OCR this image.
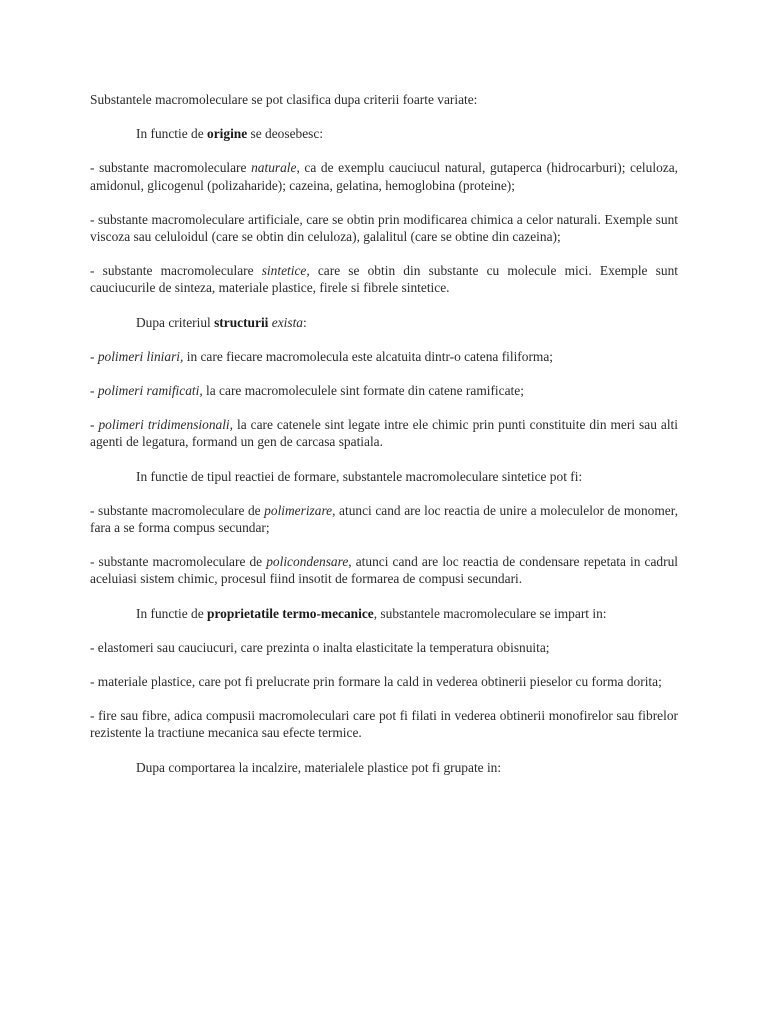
Substantele macromoleculare se pot clasifica dupa criterii foarte variate:

In functie de origine se deosebesc:

- substante macromoleculare naturale, ca de exemplu cauciucul natural, gutaperca (hidrocarburi); celuloza, amidonul, glicogenul (polizaharide); cazeina, gelatina, hemoglobina (proteine);

- substante macromoleculare artificiale, care se obtin prin modificarea chimica a celor naturali. Exemple sunt viscoza sau celuloidul (care se obtin din celuloza), galalitul (care se obtine din cazeina);

- substante macromoleculare sintetice, care se obtin din substante cu molecule mici. Exemple sunt cauciucurile de sinteza, materiale plastice, firele si fibrele sintetice.

Dupa criteriul structurii exista:

- polimeri liniari, in care fiecare macromolecula este alcatuita dintr-o catena filiforma;

- polimeri ramificati, la care macromoleculele sint formate din catene ramificate;

- polimeri tridimensionali, la care catenele sint legate intre ele chimic prin punti constituite din meri sau alti agenti de legatura, formand un gen de carcasa spatiala.

In functie de tipul reactiei de formare, substantele macromoleculare sintetice pot fi:

- substante macromoleculare de polimerizare, atunci cand are loc reactia de unire a moleculelor de monomer, fara a se forma compus secundar;

- substante macromoleculare de policondensare, atunci cand are loc reactia de condensare repetata in cadrul aceluiasi sistem chimic, procesul fiind insotit de formarea de compusi secundari.

In functie de proprietatile termo-mecanice, substantele macromoleculare se impart in:

- elastomeri sau cauciucuri, care prezinta o inalta elasticitate la temperatura obisnuita;

- materiale plastice, care pot fi prelucrate prin formare la cald in vederea obtinerii pieselor cu forma dorita;

- fire sau fibre, adica compusii macromoleculari care pot fi filati in vederea obtinerii monofirelor sau fibrelor rezistente la tractiune mecanica sau efecte termice.

Dupa comportarea la incalzire, materialele plastice pot fi grupate in:
